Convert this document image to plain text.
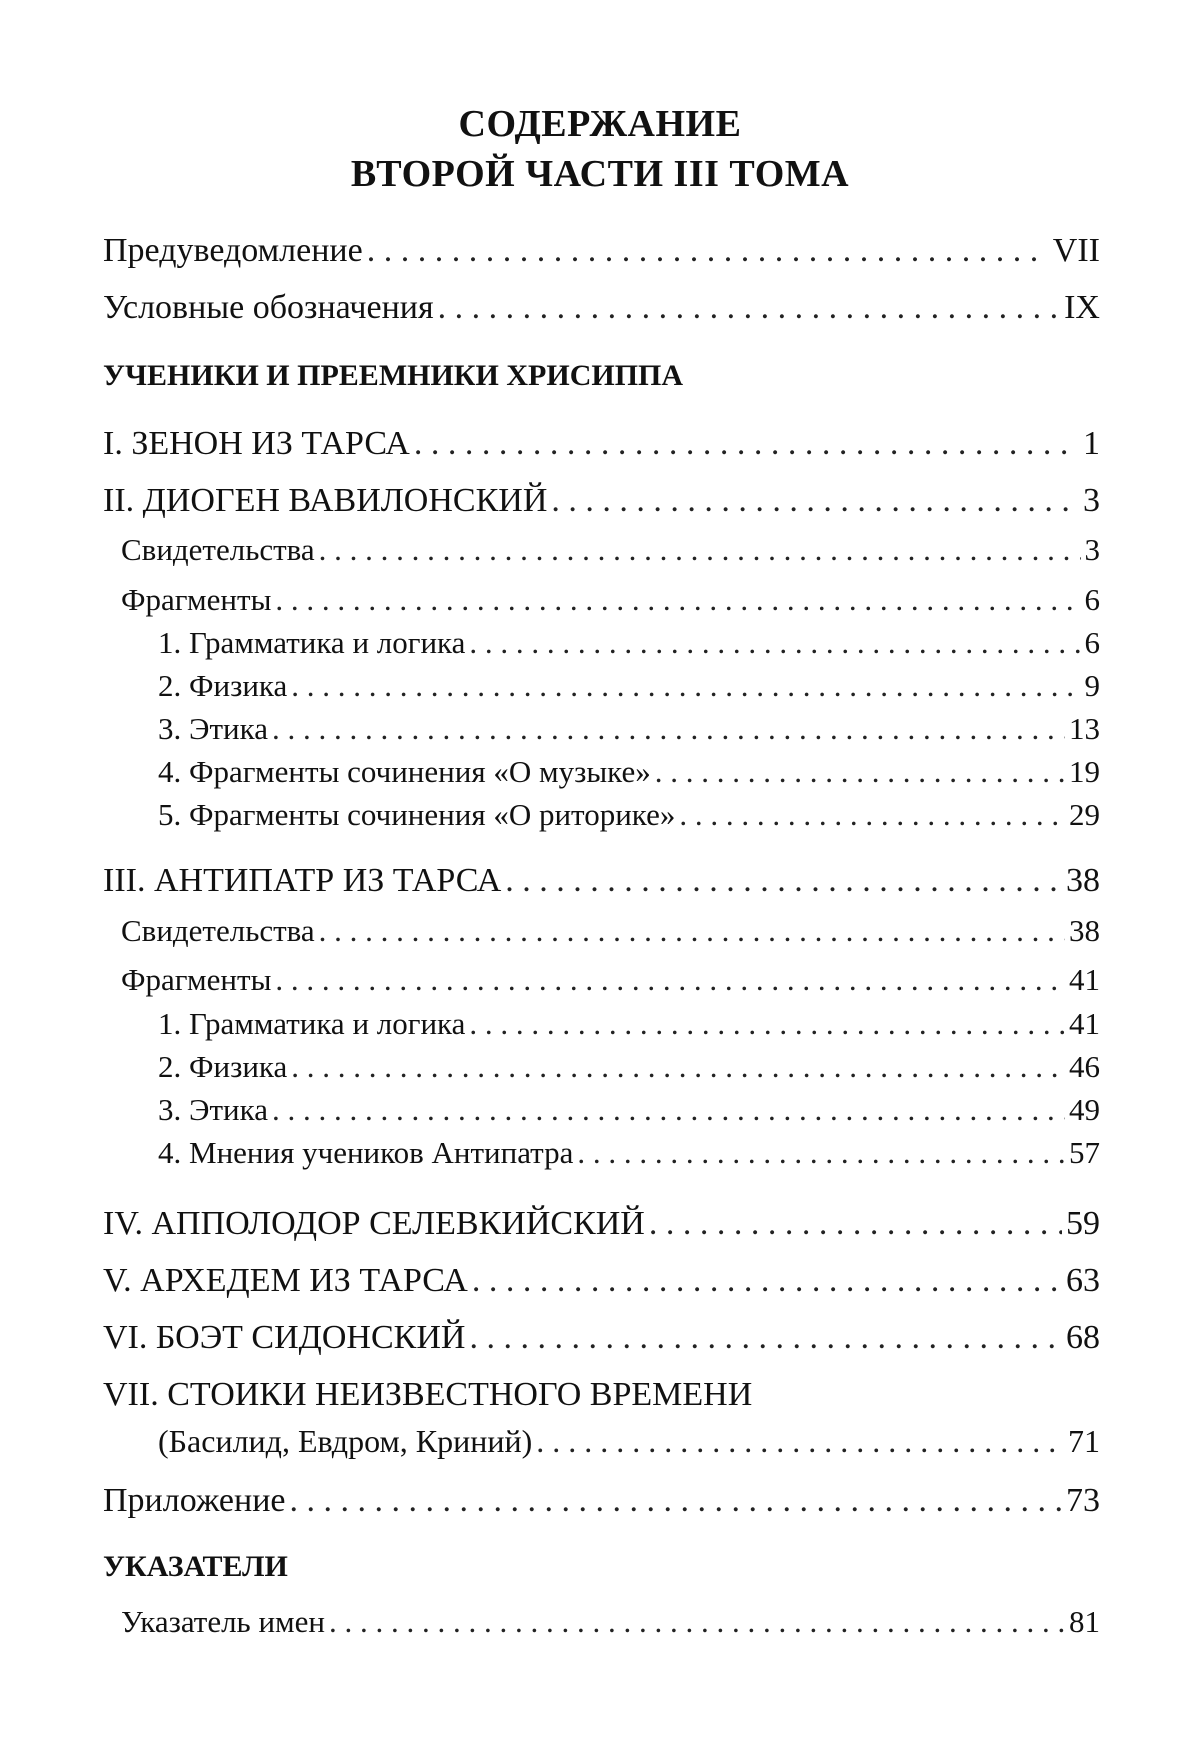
СОДЕРЖАНИЕ
ВТОРОЙ ЧАСТИ III ТОМА
Предуведомление . . .	VII
Условные обозначения . . .	IX
УЧЕНИКИ И ПРЕЕМНИКИ ХРИСИППА
I. ЗЕНОН ИЗ ТАРСА . . .	1
II. ДИОГЕН ВАВИЛОНСКИЙ . . .	3
Свидетельства . . .	3
Фрагменты . . .	6
1. Грамматика и логика . . .	6
2. Физика . . .	9
3. Этика . . .	13
4. Фрагменты сочинения «О музыке» . . .	19
5. Фрагменты сочинения «О риторике» . . .	29
III. АНТИПАТР ИЗ ТАРСА . . .	38
Свидетельства . . .	38
Фрагменты . . .	41
1. Грамматика и логика . . .	41
2. Физика . . .	46
3. Этика . . .	49
4. Мнения учеников Антипатра . . .	57
IV. АППОЛОДОР СЕЛЕВКИЙСКИЙ . . .	59
V. АРХЕДЕМ ИЗ ТАРСА . . .	63
VI. БОЭТ СИДОНСКИЙ . . .	68
VII. СТОИКИ НЕИЗВЕСТНОГО ВРЕМЕНИ
(Басилид, Евдром, Криний) . . .	71
Приложение . . .	73
УКАЗАТЕЛИ
Указатель имен . . .	81
